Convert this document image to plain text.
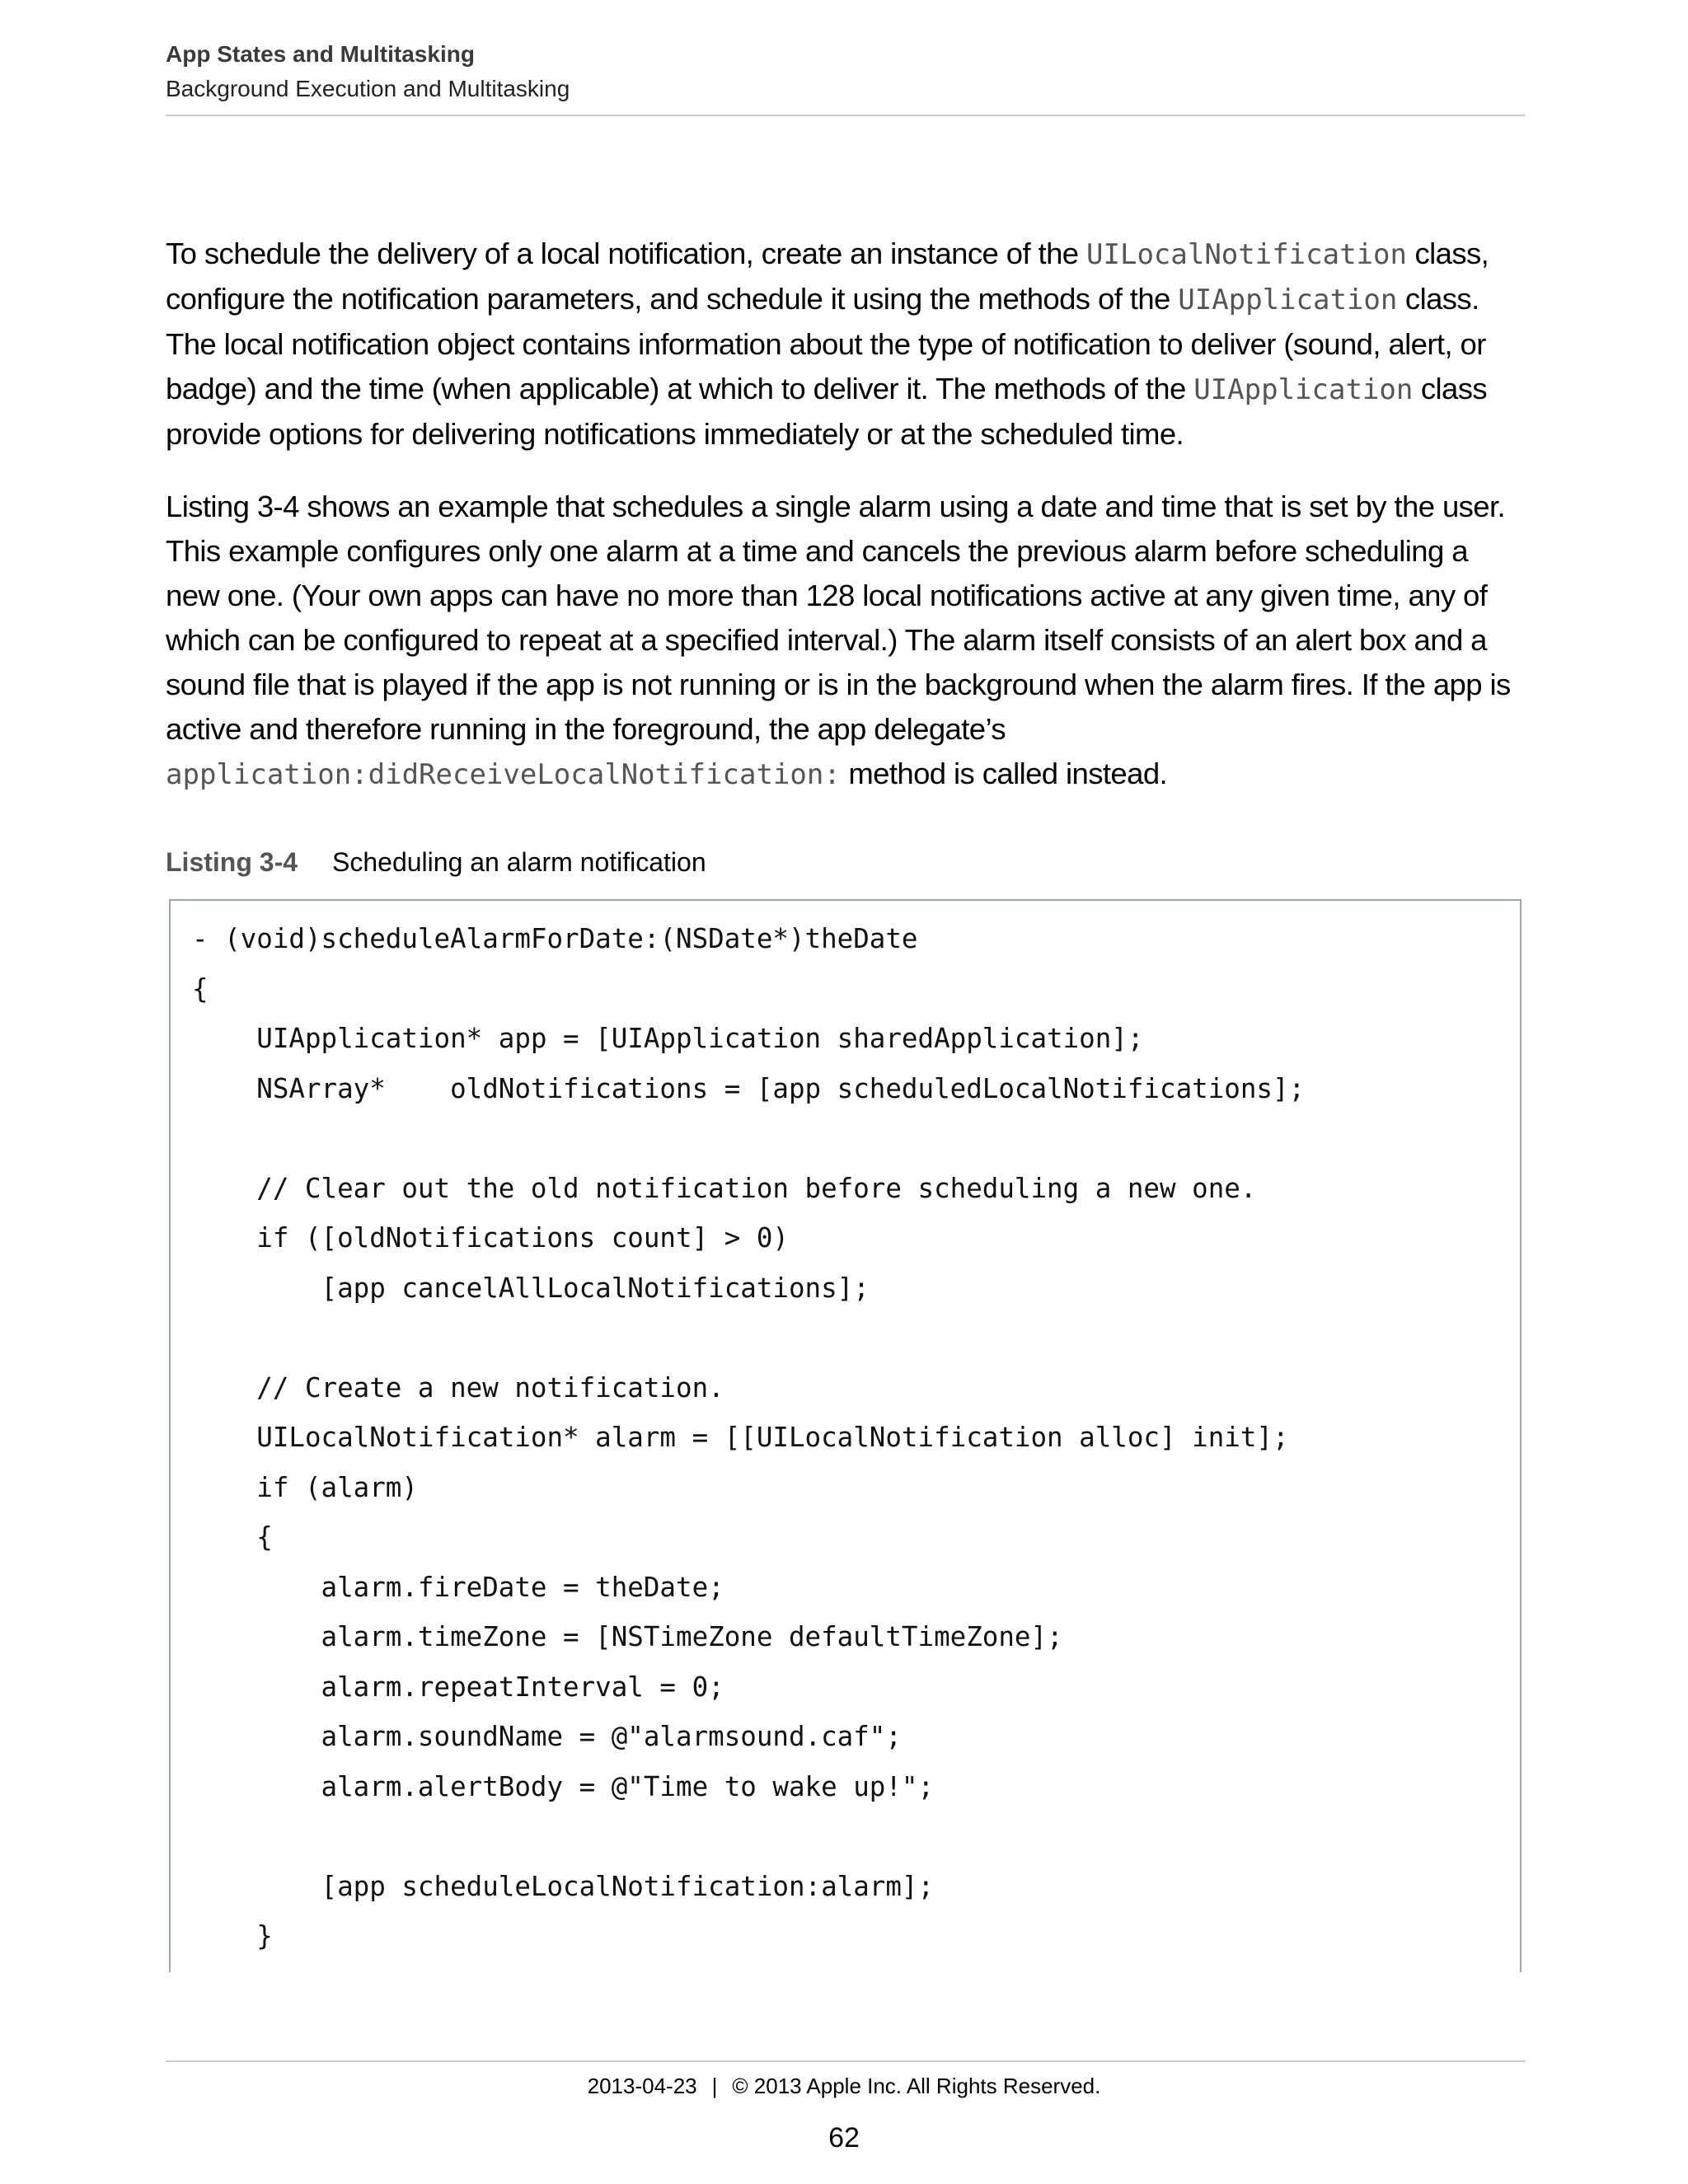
App States and Multitasking
Background Execution and Multitasking

To schedule the delivery of a local notification, create an instance of the UILocalNotification class, configure the notification parameters, and schedule it using the methods of the UIApplication class. The local notification object contains information about the type of notification to deliver (sound, alert, or badge) and the time (when applicable) at which to deliver it. The methods of the UIApplication class provide options for delivering notifications immediately or at the scheduled time.

Listing 3-4 shows an example that schedules a single alarm using a date and time that is set by the user. This example configures only one alarm at a time and cancels the previous alarm before scheduling a new one. (Your own apps can have no more than 128 local notifications active at any given time, any of which can be configured to repeat at a specified interval.) The alarm itself consists of an alert box and a sound file that is played if the app is not running or is in the background when the alarm fires. If the app is active and therefore running in the foreground, the app delegate’s application:didReceiveLocalNotification: method is called instead.

Listing 3-4 Scheduling an alarm notification
- (void)scheduleAlarmForDate:(NSDate*)theDate
{
UIApplication* app = [UIApplication sharedApplication];
NSArray*    oldNotifications = [app scheduledLocalNotifications];
// Clear out the old notification before scheduling a new one.
if ([oldNotifications count] > 0)
[app cancelAllLocalNotifications];
// Create a new notification.
UILocalNotification* alarm = [[UILocalNotification alloc] init];
if (alarm)
{
alarm.fireDate = theDate;
alarm.timeZone = [NSTimeZone defaultTimeZone];
alarm.repeatInterval = 0;
alarm.soundName = @"alarmsound.caf";
alarm.alertBody = @"Time to wake up!";
[app scheduleLocalNotification:alarm];
}
2013-04-23 | © 2013 Apple Inc. All Rights Reserved.
62
